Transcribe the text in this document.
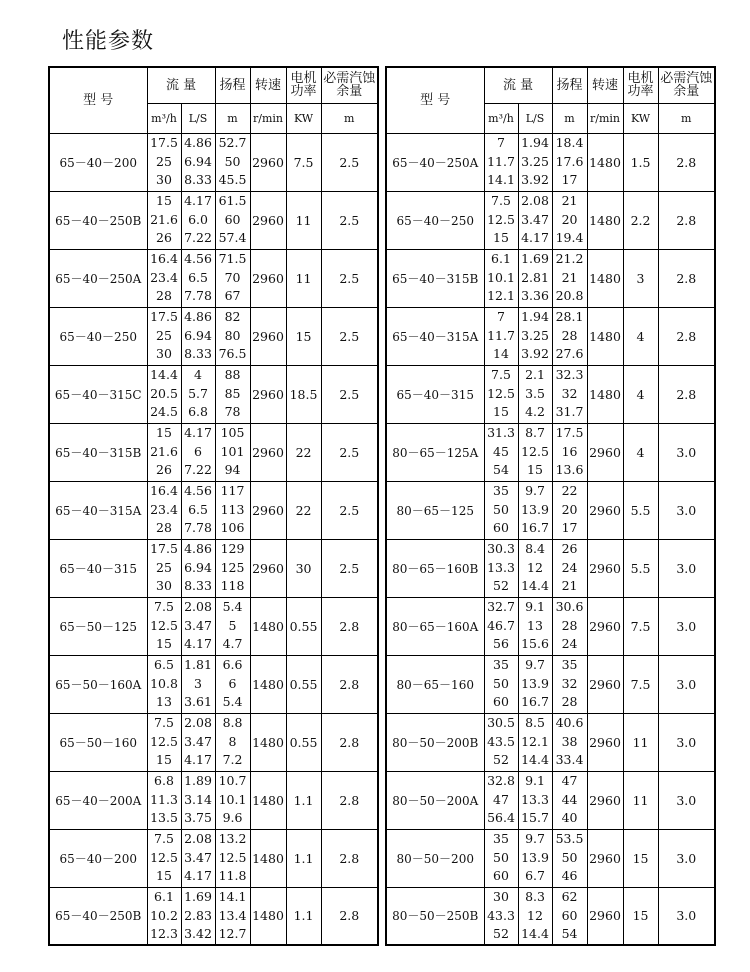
性能参数
型 号	流 量		扬程	转速	电机功率	必需汽蚀余量
	m³/h	L/S	m	r/min	KW	m
65－40－200	17.5
25
30	4.86
6.94
8.33	52.7
50
45.5	2960	7.5	2.5
65－40－250B	15
21.6
26	4.17
6.0
7.22	61.5
60
57.4	2960	11	2.5
65－40－250A	16.4
23.4
28	4.56
6.5
7.78	71.5
70
67	2960	11	2.5
65－40－250	17.5
25
30	4.86
6.94
8.33	82
80
76.5	2960	15	2.5
65－40－315C	14.4
20.5
24.5	4
5.7
6.8	88
85
78	2960	18.5	2.5
65－40－315B	15
21.6
26	4.17
6
7.22	105
101
94	2960	22	2.5
65－40－315A	16.4
23.4
28	4.56
6.5
7.78	117
113
106	2960	22	2.5
65－40－315	17.5
25
30	4.86
6.94
8.33	129
125
118	2960	30	2.5
65－50－125	7.5
12.5
15	2.08
3.47
4.17	5.4
5
4.7	1480	0.55	2.8
65－50－160A	6.5
10.8
13	1.81
3
3.61	6.6
6
5.4	1480	0.55	2.8
65－50－160	7.5
12.5
15	2.08
3.47
4.17	8.8
8
7.2	1480	0.55	2.8
65－40－200A	6.8
11.3
13.5	1.89
3.14
3.75	10.7
10.1
9.6	1480	1.1	2.8
65－40－200	7.5
12.5
15	2.08
3.47
4.17	13.2
12.5
11.8	1480	1.1	2.8
65－40－250B	6.1
10.2
12.3	1.69
2.83
3.42	14.1
13.4
12.7	1480	1.1	2.8
型 号	流 量		扬程	转速	电机功率	必需汽蚀余量
	m³/h	L/S	m	r/min	KW	m
65－40－250A	7
11.7
14.1	1.94
3.25
3.92	18.4
17.6
17	1480	1.5	2.8
65－40－250	7.5
12.5
15	2.08
3.47
4.17	21
20
19.4	1480	2.2	2.8
65－40－315B	6.1
10.1
12.1	1.69
2.81
3.36	21.2
21
20.8	1480	3	2.8
65－40－315A	7
11.7
14	1.94
3.25
3.92	28.1
28
27.6	1480	4	2.8
65－40－315	7.5
12.5
15	2.1
3.5
4.2	32.3
32
31.7	1480	4	2.8
80－65－125A	31.3
45
54	8.7
12.5
15	17.5
16
13.6	2960	4	3.0
80－65－125	35
50
60	9.7
13.9
16.7	22
20
17	2960	5.5	3.0
80－65－160B	30.3
13.3
52	8.4
12
14.4	26
24
21	2960	5.5	3.0
80－65－160A	32.7
46.7
56	9.1
13
15.6	30.6
28
24	2960	7.5	3.0
80－65－160	35
50
60	9.7
13.9
16.7	35
32
28	2960	7.5	3.0
80－50－200B	30.5
43.5
52	8.5
12.1
14.4	40.6
38
33.4	2960	11	3.0
80－50－200A	32.8
47
56.4	9.1
13.3
15.7	47
44
40	2960	11	3.0
80－50－200	35
50
60	9.7
13.9
6.7	53.5
50
46	2960	15	3.0
80－50－250B	30
43.3
52	8.3
12
14.4	62
60
54	2960	15	3.0
